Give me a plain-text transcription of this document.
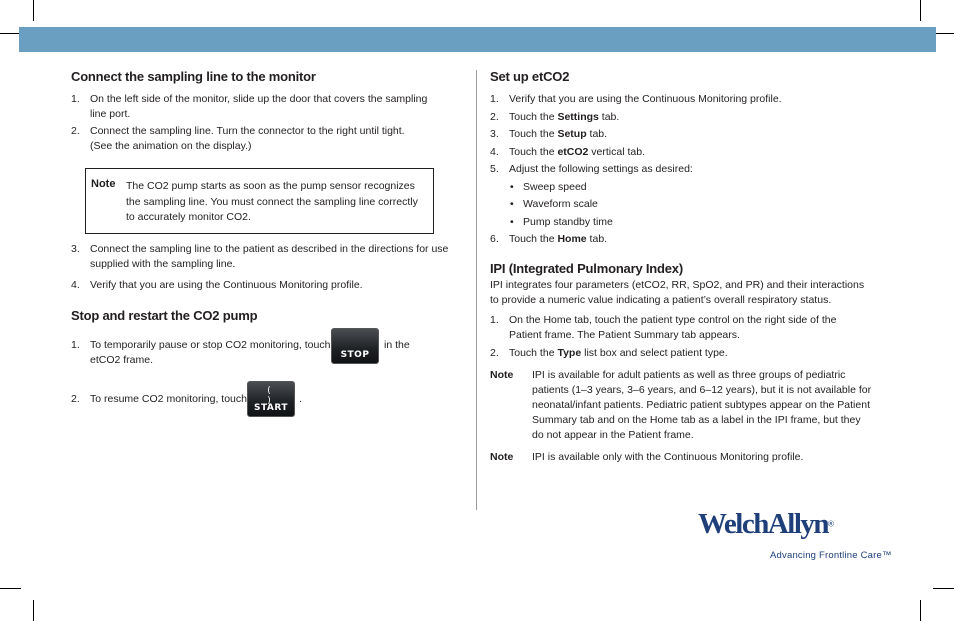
Connect the sampling line to the monitor
1. On the left side of the monitor, slide up the door that covers the sampling line port.
2. Connect the sampling line. Turn the connector to the right until tight.
(See the animation on the display.)
Note The CO2 pump starts as soon as the pump sensor recognizes the sampling line. You must connect the sampling line correctly to accurately monitor CO2.
3. Connect the sampling line to the patient as described in the directions for use supplied with the sampling line.
4. Verify that you are using the Continuous Monitoring profile.
Stop and restart the CO2 pump
1. To temporarily pause or stop CO2 monitoring, touch	in the
etCO2 frame.	STOP
2. To resume CO2 monitoring, touch
( )
START
.
Set up etCO2
1. Verify that you are using the Continuous Monitoring profile.
2. Touch the Settings tab.
3. Touch the Setup tab.
4. Touch the etCO2 vertical tab.
5. Adjust the following settings as desired:
• Sweep speed
• Waveform scale
• Pump standby time
6. Touch the Home tab.
IPI (Integrated Pulmonary Index)
IPI integrates four parameters (etCO2, RR, SpO2, and PR) and their interactions to provide a numeric value indicating a patient’s overall respiratory status.
1. On the Home tab, touch the patient type control on the right side of the Patient frame. The Patient Summary tab appears.
2. Touch the Type list box and select patient type.
Note	IPI is available for adult patients as well as three groups of pediatric patients (1–3 years, 3–6 years, and 6–12 years), but it is not available for neonatal/infant patients. Pediatric patient subtypes appear on the Patient Summary tab and on the Home tab as a label in the IPI frame, but they do not appear in the Patient frame.
Note	IPI is available only with the Continuous Monitoring profile.
WelchAllyn®
Advancing Frontline Care™
